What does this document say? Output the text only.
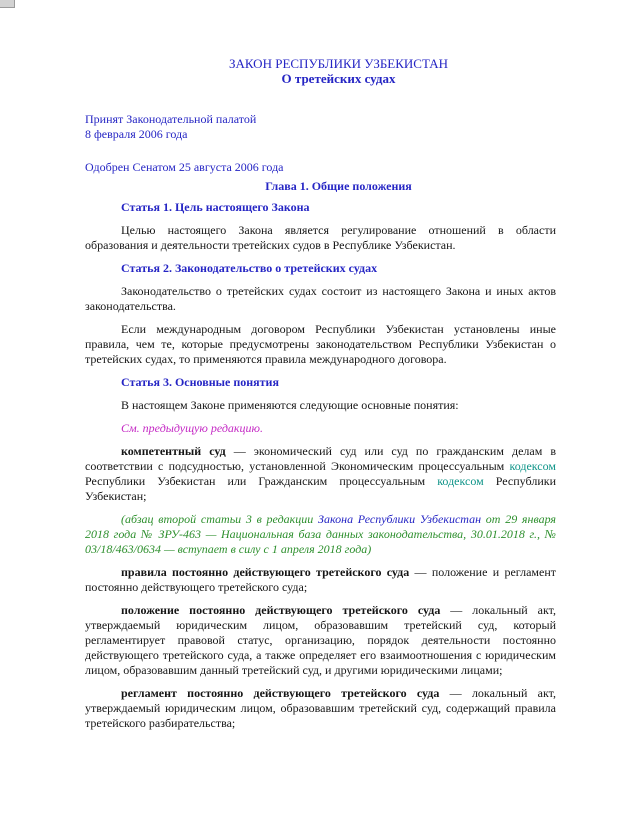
ЗАКОН РЕСПУБЛИКИ УЗБЕКИСТАН

О третейских судах

Принят Законодательной палатой
8 февраля 2006 года

Одобрен Сенатом 25 августа 2006 года

Глава 1. Общие положения

Статья 1. Цель настоящего Закона

Целью настоящего Закона является регулирование отношений в области образования и деятельности третейских судов в Республике Узбекистан.

Статья 2. Законодательство о третейских судах

Законодательство о третейских судах состоит из настоящего Закона и иных актов законодательства.

Если международным договором Республики Узбекистан установлены иные правила, чем те, которые предусмотрены законодательством Республики Узбекистан о третейских судах, то применяются правила международного договора.

Статья 3. Основные понятия

В настоящем Законе применяются следующие основные понятия:

См. предыдущую редакцию.

компетентный суд — экономический суд или суд по гражданским делам в соответствии с подсудностью, установленной Экономическим процессуальным кодексом Республики Узбекистан или Гражданским процессуальным кодексом Республики Узбекистан;

(абзац второй статьи 3 в редакции Закона Республики Узбекистан от 29 января 2018 года № ЗРУ-463 — Национальная база данных законодательства, 30.01.2018 г., № 03/18/463/0634 — вступает в силу с 1 апреля 2018 года)

правила постоянно действующего третейского суда — положение и регламент постоянно действующего третейского суда;

положение постоянно действующего третейского суда — локальный акт, утверждаемый юридическим лицом, образовавшим третейский суд, который регламентирует правовой статус, организацию, порядок деятельности постоянно действующего третейского суда, а также определяет его взаимоотношения с юридическим лицом, образовавшим данный третейский суд, и другими юридическими лицами;

регламент постоянно действующего третейского суда — локальный акт, утверждаемый юридическим лицом, образовавшим третейский суд, содержащий правила третейского разбирательства;
